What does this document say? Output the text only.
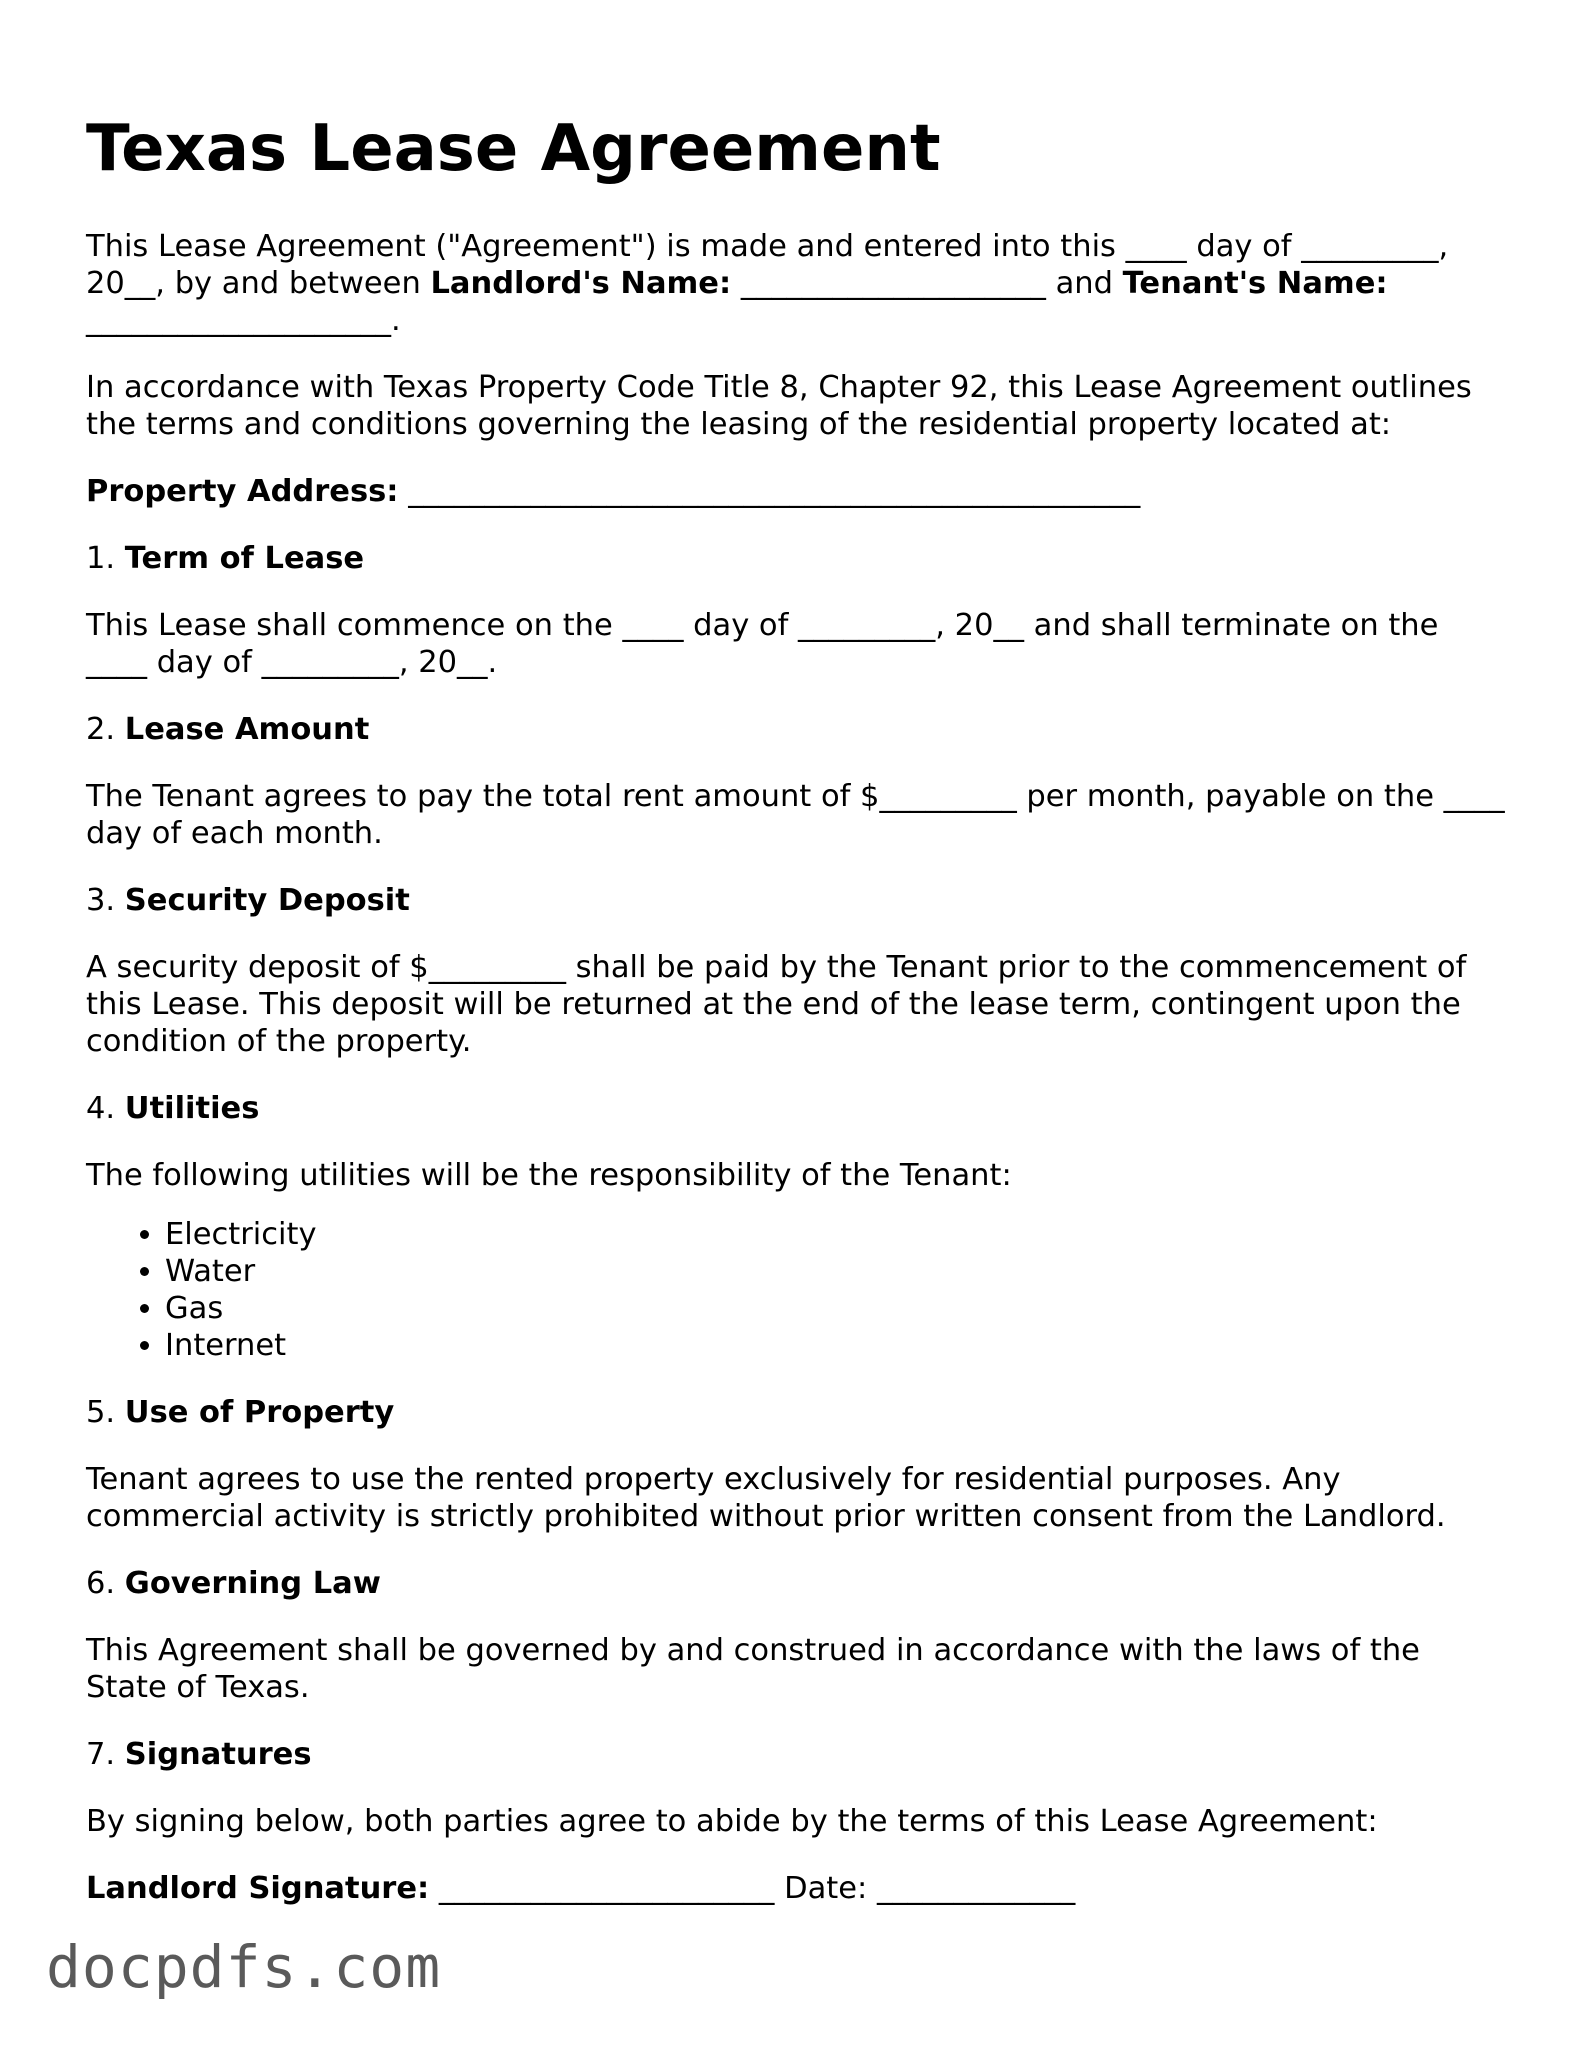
Texas Lease Agreement

This Lease Agreement ("Agreement") is made and entered into this ____ day of _________, 20__, by and between Landlord's Name: ____________________ and Tenant's Name: ____________________.

In accordance with Texas Property Code Title 8, Chapter 92, this Lease Agreement outlines the terms and conditions governing the leasing of the residential property located at:

Property Address: ________________________________________________

1. Term of Lease

This Lease shall commence on the ____ day of _________, 20__ and shall terminate on the ____ day of _________, 20__.

2. Lease Amount

The Tenant agrees to pay the total rent amount of $_________ per month, payable on the ____ day of each month.

3. Security Deposit

A security deposit of $_________ shall be paid by the Tenant prior to the commencement of this Lease. This deposit will be returned at the end of the lease term, contingent upon the condition of the property.

4. Utilities

The following utilities will be the responsibility of the Tenant:

• Electricity
• Water
• Gas
• Internet
5. Use of Property

Tenant agrees to use the rented property exclusively for residential purposes. Any commercial activity is strictly prohibited without prior written consent from the Landlord.

6. Governing Law

This Agreement shall be governed by and construed in accordance with the laws of the State of Texas.

7. Signatures

By signing below, both parties agree to abide by the terms of this Lease Agreement:

Landlord Signature: ______________________ Date: _____________

docpdfs.com
